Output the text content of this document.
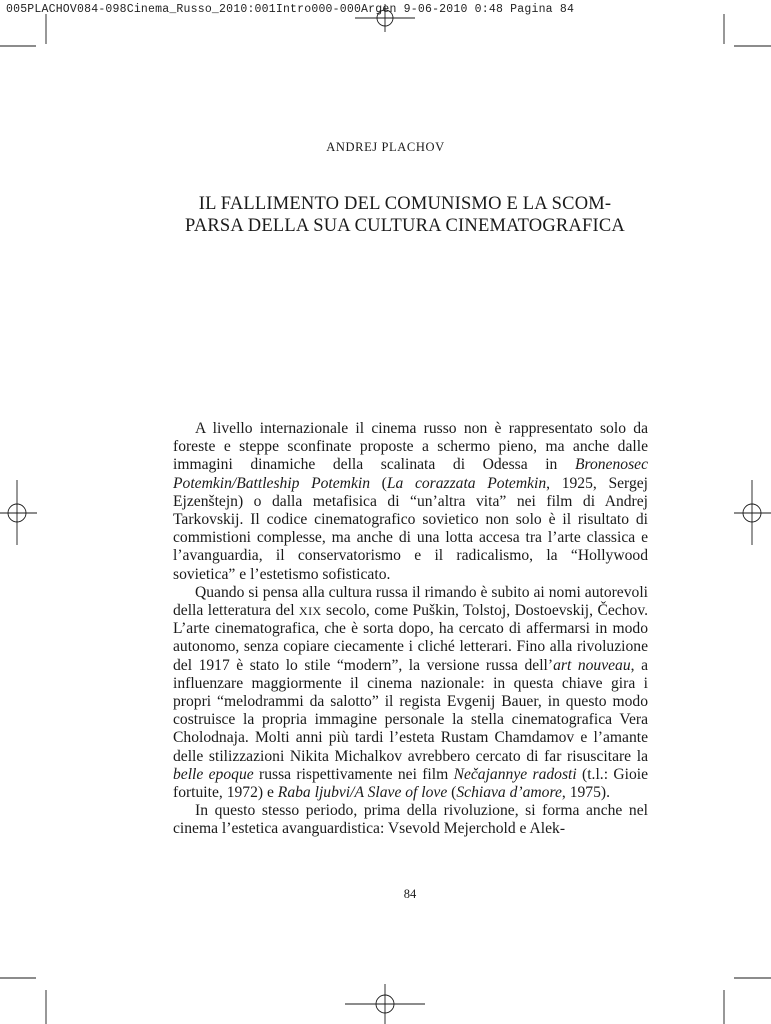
005PLACHOV084-098Cinema_Russo_2010:001Intro000-000Argen 9-06-2010 0:48 Pagina 84
ANDREJ PLACHOV
IL FALLIMENTO DEL COMUNISMO E LA SCOM-
PARSA DELLA SUA CULTURA CINEMATOGRAFICA

A livello internazionale il cinema russo non è rappresentato solo da foreste e steppe sconfinate proposte a schermo pieno, ma anche dalle immagini dinamiche della scalinata di Odessa in Bronenosec Potemkin/Battleship Potemkin (La corazzata Potemkin, 1925, Sergej Ejzenštejn) o dalla metafisica di “un’altra vita” nei film di Andrej Tarkovskij. Il codice cinematografico sovietico non solo è il risultato di commistioni complesse, ma anche di una lotta accesa tra l’arte classica e l’avanguardia, il conservatorismo e il radicalismo, la “Hollywood sovietica” e l’estetismo sofisticato.

Quando si pensa alla cultura russa il rimando è subito ai nomi autorevoli della letteratura del XIX secolo, come Puškin, Tolstoj, Dostoevskij, Čechov. L’arte cinematografica, che è sorta dopo, ha cercato di affermarsi in modo autonomo, senza copiare ciecamente i cliché letterari. Fino alla rivoluzione del 1917 è stato lo stile “modern”, la versione russa dell’art nouveau, a influenzare maggiormente il cinema nazionale: in questa chiave gira i propri “melodrammi da salotto” il regista Evgenij Bauer, in questo modo costruisce la propria immagine personale la stella cinematografica Vera Cholodnaja. Molti anni più tardi l’esteta Rustam Chamdamov e l’amante delle stilizzazioni Nikita Michalkov avrebbero cercato di far risuscitare la belle epoque russa rispettivamente nei film Nečajannye radosti (t.l.: Gioie fortuite, 1972) e Raba ljubvi/A Slave of love (Schiava d’amore, 1975).

In questo stesso periodo, prima della rivoluzione, si forma anche nel cinema l’estetica avanguardistica: Vsevold Mejerchold e Alek-

84
